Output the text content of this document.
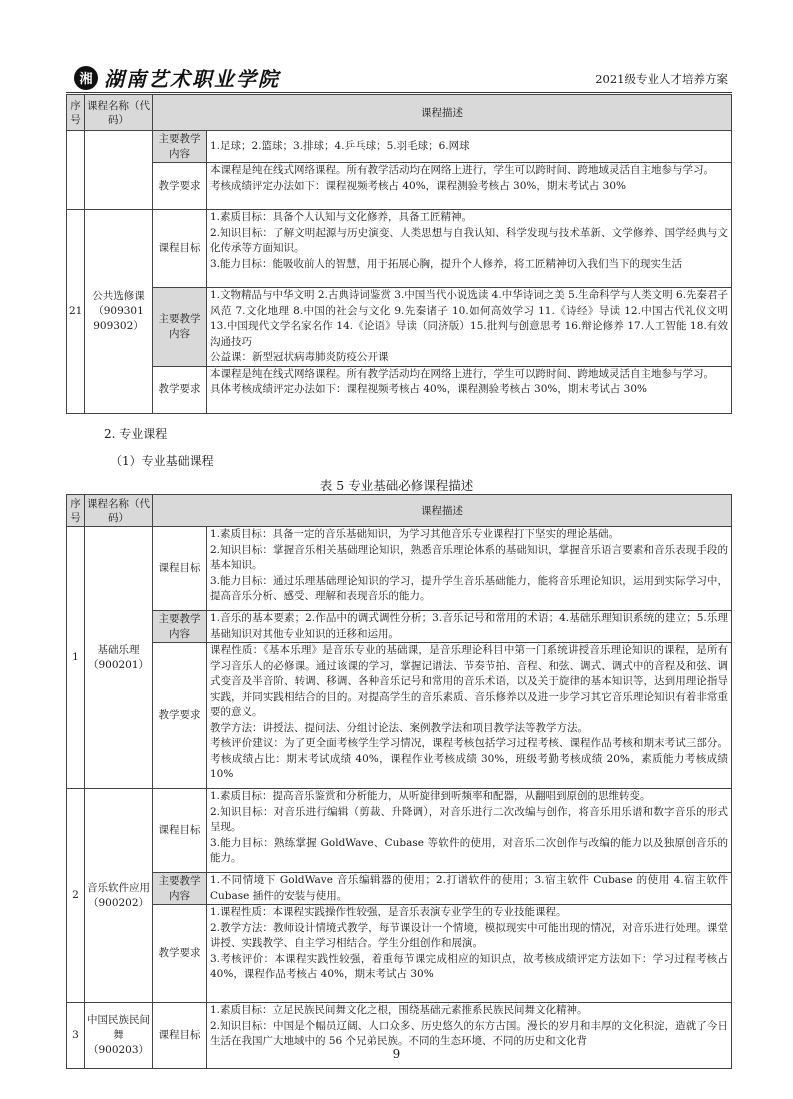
湘 湖南艺术职业学院	2021级专业人才培养方案
序号	课程名称（代码）	课程描述	
		主要教学内容	1.足球；2.篮球；3.排球；4.乒乓球；5.羽毛球；6.网球
		教学要求	本课程是纯在线式网络课程。所有教学活动均在网络上进行，学生可以跨时间、跨地域灵活自主地参与学习。
考核成绩评定办法如下：课程视频考核占 40%，课程测验考核占 30%，期末考试占 30%

21	公共选修课（909301 909302）	课程目标	1.素质目标：具备个人认知与文化修养，具备工匠精神。
2.知识目标：了解文明起源与历史演变、人类思想与自我认知、科学发现与技术革新、文学修养、国学经典与文化传承等方面知识。
3.能力目标：能吸收前人的智慧，用于拓展心胸，提升个人修养，将工匠精神切入我们当下的现实生活

		主要教学内容	1.文物精品与中华文明 2.古典诗词鉴赏 3.中国当代小说选读 4.中华诗词之美 5.生命科学与人类文明 6.先秦君子风范 7.文化地理 8.中国的社会与文化 9.先秦诸子 10.如何高效学习 11.《诗经》导读 12.中国古代礼仪文明 13.中国现代文学名家名作 14.《论语》导读（同济版）15.批判与创意思考 16.辩论修养 17.人工智能 18.有效沟通技巧
公益课：新型冠状病毒肺炎防疫公开课

		教学要求	本课程是纯在线式网络课程。所有教学活动均在网络上进行，学生可以跨时间、跨地域灵活自主地参与学习。
具体考核成绩评定办法如下：课程视频考核占 40%，课程测验考核占 30%，期末考试占 30%
2. 专业课程
（1）专业基础课程
表 5 专业基础必修课程描述
序号	课程名称（代码）	课程描述	
1	基础乐理（900201）	课程目标	1.素质目标：具备一定的音乐基础知识，为学习其他音乐专业课程打下坚实的理论基础。
2.知识目标：掌握音乐相关基础理论知识，熟悉音乐理论体系的基础知识，掌握音乐语言要素和音乐表现手段的基本知识。
3.能力目标：通过乐理基础理论知识的学习，提升学生音乐基础能力，能将音乐理论知识，运用到实际学习中，提高音乐分析、感受、理解和表现音乐的能力。

		主要教学内容	1.音乐的基本要素；2.作品中的调式调性分析；3.音乐记号和常用的术语；4.基础乐理知识系统的建立；5.乐理基础知识对其他专业知识的迁移和运用。
		教学要求	课程性质：《基本乐理》是音乐专业的基础课，是音乐理论科目中第一门系统讲授音乐理论知识的课程，是所有学习音乐人的必修课。通过该课的学习，掌握记谱法、节奏节拍、音程、和弦、调式、调式中的音程及和弦、调式变音及半音阶、转调、移调、各种音乐记号和常用的音乐术语，以及关于旋律的基本知识等，达到用理论指导实践，并同实践相结合的目的。对提高学生的音乐素质、音乐修养以及进一步学习其它音乐理论知识有着非常重要的意义。
教学方法：讲授法、提问法、分组讨论法、案例教学法和项目教学法等教学方法。
考核评价建议：为了更全面考核学生学习情况，课程考核包括学习过程考核、课程作品考核和期末考试三部分。考核成绩占比：期末考试成绩 40%，课程作业考核成绩 30%，班级考勤考核成绩 20%，素质能力考核成绩 10%

2	音乐软件应用（900202）	课程目标	1.素质目标：提高音乐鉴赏和分析能力，从听旋律到听频率和配器，从翻唱到原创的思维转变。
2.知识目标：对音乐进行编辑（剪裁、升降调），对音乐进行二次改编与创作，将音乐用乐谱和数字音乐的形式呈现。
3.能力目标：熟练掌握 GoldWave、Cubase 等软件的使用，对音乐二次创作与改编的能力以及独原创音乐的能力。

		主要教学内容	1.不同情境下 GoldWave 音乐编辑器的使用；2.打谱软件的使用；3.宿主软件 Cubase 的使用 4.宿主软件 Cubase 插件的安装与使用。
		教学要求	1.课程性质：本课程实践操作性较强，是音乐表演专业学生的专业技能课程。
2.教学方法：教师设计情境式教学，每节课设计一个情境，模拟现实中可能出现的情况，对音乐进行处理。课堂讲授、实践教学、自主学习相结合。学生分组创作和展演。
3.考核评价：本课程实践性较强，着重每节课完成相应的知识点，故考核成绩评定方法如下：学习过程考核占 40%，课程作品考核占 40%，期末考试占 30%

3	中国民族民间舞（900203）	课程目标	1.素质目标：立足民族民间舞文化之根，围绕基础元素推系民族民间舞文化精神。
2.知识目标：中国是个幅员辽阔、人口众多、历史悠久的东方古国。漫长的岁月和丰厚的文化积淀，造就了今日生活在我国广大地域中的 56 个兄弟民族。不同的生态环境、不同的历史和文化背
9
